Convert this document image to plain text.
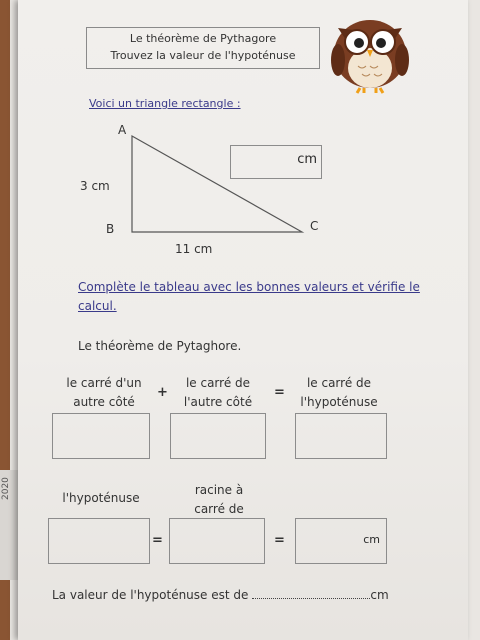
2020
Le théorème de Pythagore
Trouvez la valeur de l'hypoténuse
Voici un triangle rectangle :
A
B	C
3 cm
11 cm
cm
Complète le tableau avec les bonnes valeurs et vérifie le calcul.
Le théorème de Pytaghore.
le carré d'un autre côté
+
le carré de l'autre côté
=
le carré de l'hypoténuse
l'hypoténuse
racine à carré de
=	=	cm
La valeur de l'hypoténuse est de	cm
